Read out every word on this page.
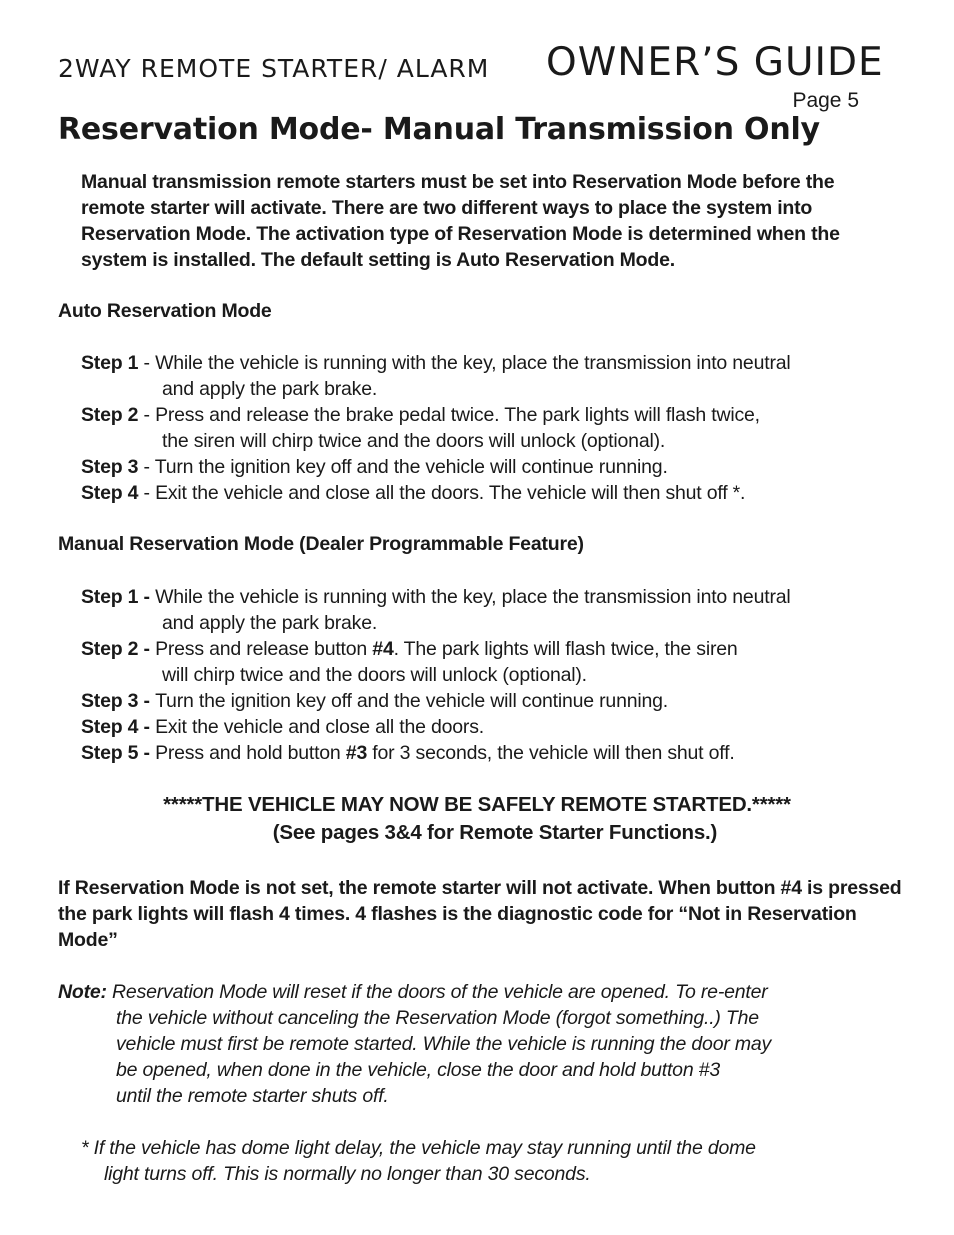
2WAY REMOTE STARTER/ ALARM OWNER’S GUIDE
Page 5
Reservation Mode- Manual Transmission Only
Manual transmission remote starters must be set into Reservation Mode before the remote starter will activate. There are two different ways to place the system into Reservation Mode. The activation type of Reservation Mode is determined when the system is installed. The default setting is Auto Reservation Mode.
Auto Reservation Mode
Step 1 - While the vehicle is running with the key, place the transmission into neutral
and apply the park brake.
Step 2 - Press and release the brake pedal twice. The park lights will flash twice,
the siren will chirp twice and the doors will unlock (optional).
Step 3 - Turn the ignition key off and the vehicle will continue running.
Step 4 - Exit the vehicle and close all the doors. The vehicle will then shut off *.
Manual Reservation Mode (Dealer Programmable Feature)
Step 1 - While the vehicle is running with the key, place the transmission into neutral
and apply the park brake.
Step 2 - Press and release button #4. The park lights will flash twice, the siren
will chirp twice and the doors will unlock (optional).
Step 3 - Turn the ignition key off and the vehicle will continue running.
Step 4 - Exit the vehicle and close all the doors.
Step 5 - Press and hold button #3 for 3 seconds, the vehicle will then shut off.
*****THE VEHICLE MAY NOW BE SAFELY REMOTE STARTED.*****
(See pages 3&4 for Remote Starter Functions.)
If Reservation Mode is not set, the remote starter will not activate. When button #4 is pressed the park lights will flash 4 times. 4 flashes is the diagnostic code for “Not in Reservation Mode”
Note: Reservation Mode will reset if the doors of the vehicle are opened. To re-enter
the vehicle without canceling the Reservation Mode (forgot something..) The
vehicle must first be remote started. While the vehicle is running the door may
be opened, when done in the vehicle, close the door and hold button #3
until the remote starter shuts off.
* If the vehicle has dome light delay, the vehicle may stay running until the dome
light turns off. This is normally no longer than 30 seconds.
